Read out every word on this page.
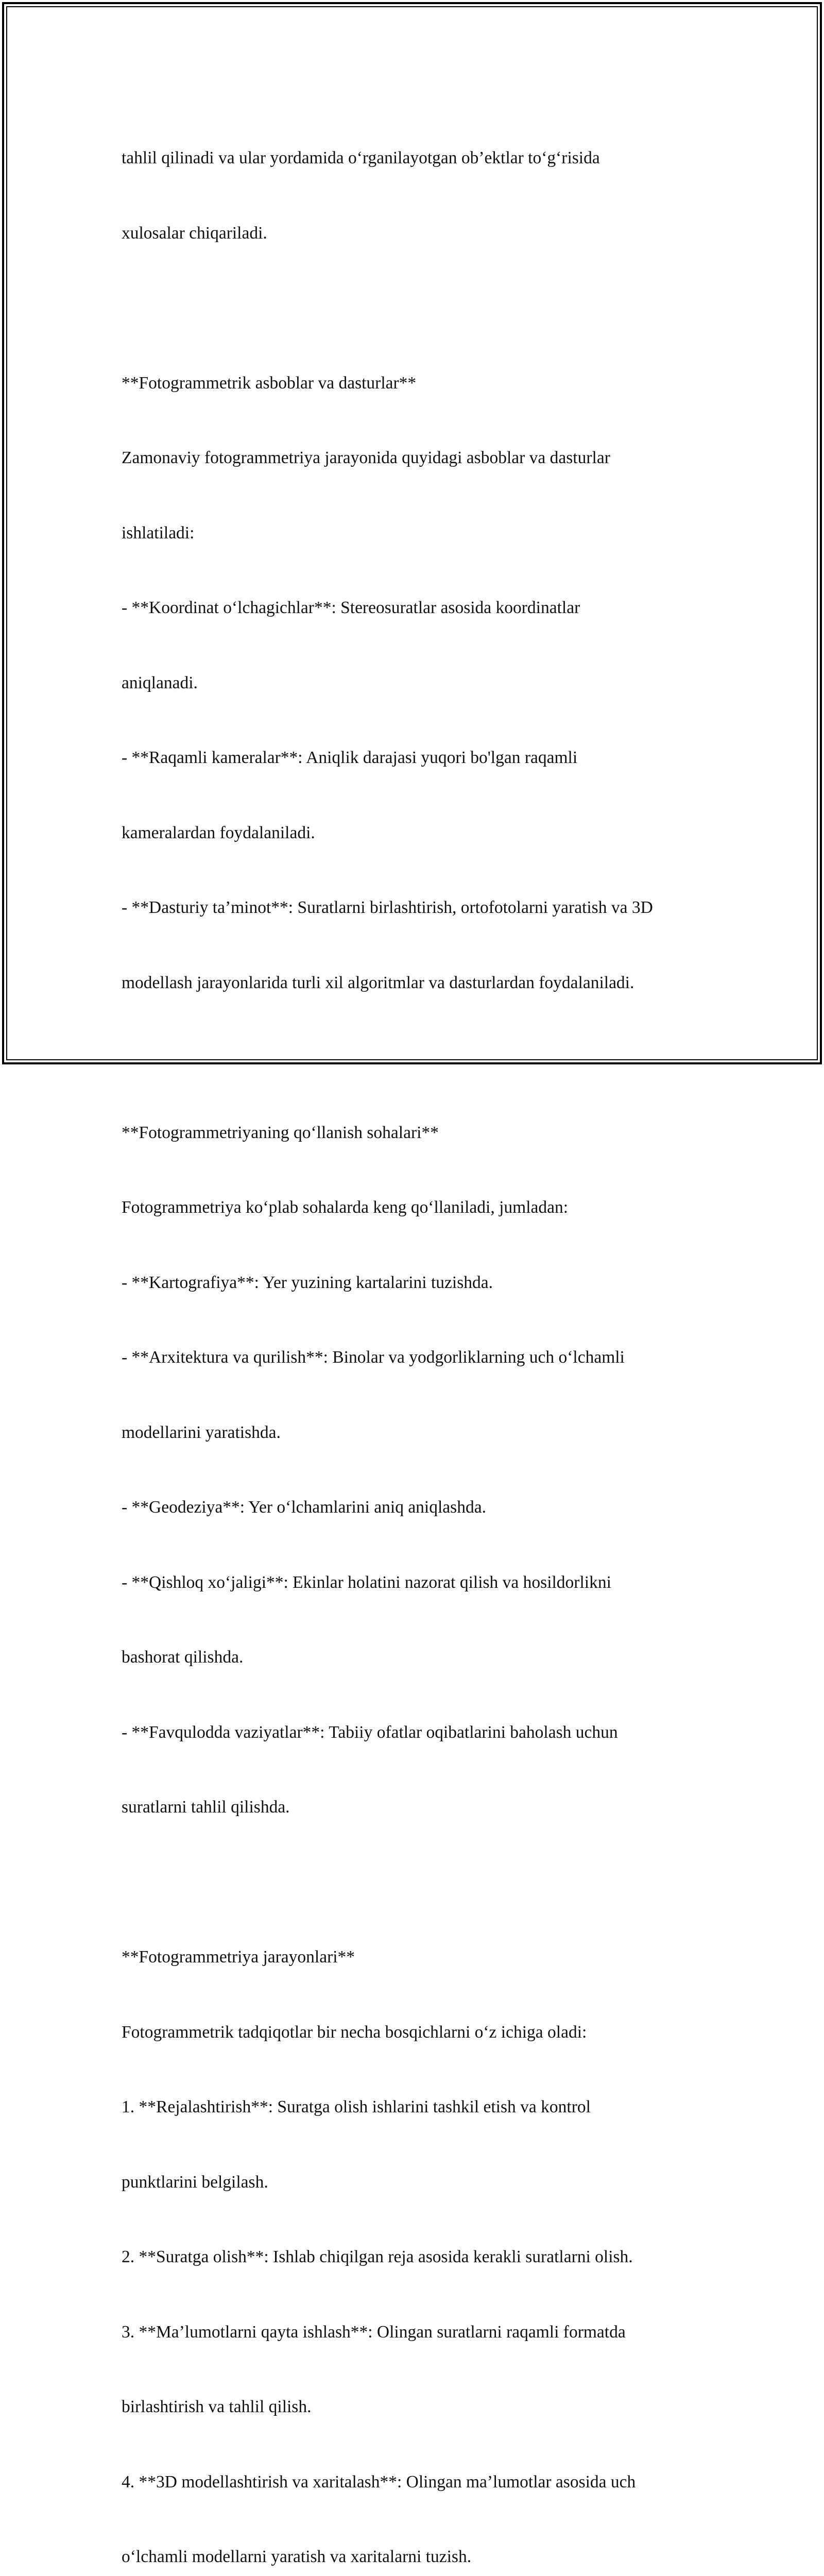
tahlil qilinadi va ular yordamida o‘rganilayotgan ob’ektlar to‘g‘risida

xulosalar chiqariladi.

**Fotogrammetrik asboblar va dasturlar**

Zamonaviy fotogrammetriya jarayonida quyidagi asboblar va dasturlar

ishlatiladi:

- **Koordinat o‘lchagichlar**: Stereosuratlar asosida koordinatlar

aniqlanadi.

- **Raqamli kameralar**: Aniqlik darajasi yuqori bo'lgan raqamli

kameralardan foydalaniladi.

- **Dasturiy ta’minot**: Suratlarni birlashtirish, ortofotolarni yaratish va 3D

modellash jarayonlarida turli xil algoritmlar va dasturlardan foydalaniladi.

**Fotogrammetriyaning qo‘llanish sohalari**

Fotogrammetriya ko‘plab sohalarda keng qo‘llaniladi, jumladan:

- **Kartografiya**: Yer yuzining kartalarini tuzishda.

- **Arxitektura va qurilish**: Binolar va yodgorliklarning uch o‘lchamli

modellarini yaratishda.

- **Geodeziya**: Yer o‘lchamlarini aniq aniqlashda.

- **Qishloq xo‘jaligi**: Ekinlar holatini nazorat qilish va hosildorlikni

bashorat qilishda.

- **Favqulodda vaziyatlar**: Tabiiy ofatlar oqibatlarini baholash uchun

suratlarni tahlil qilishda.

**Fotogrammetriya jarayonlari**

Fotogrammetrik tadqiqotlar bir necha bosqichlarni o‘z ichiga oladi:

1. **Rejalashtirish**: Suratga olish ishlarini tashkil etish va kontrol

punktlarini belgilash.

2. **Suratga olish**: Ishlab chiqilgan reja asosida kerakli suratlarni olish.

3. **Ma’lumotlarni qayta ishlash**: Olingan suratlarni raqamli formatda

birlashtirish va tahlil qilish.

4. **3D modellashtirish va xaritalash**: Olingan ma’lumotlar asosida uch

o‘lchamli modellarni yaratish va xaritalarni tuzish.
